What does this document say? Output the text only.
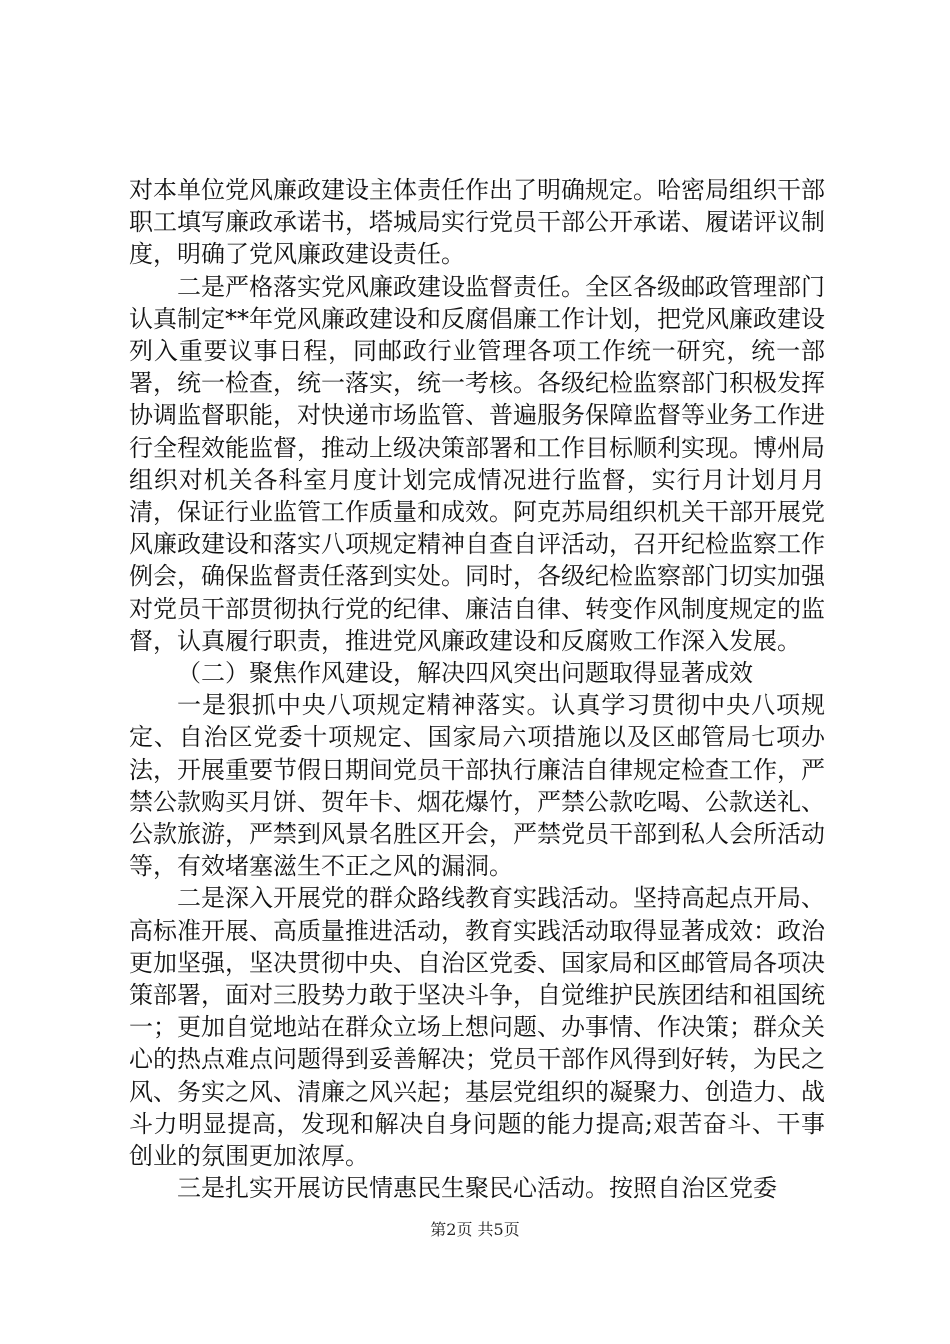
对本单位党风廉政建设主体责任作出了明确规定。哈密局组织干部职工填写廉政承诺书，塔城局实行党员干部公开承诺、履诺评议制度，明确了党风廉政建设责任。

二是严格落实党风廉政建设监督责任。全区各级邮政管理部门认真制定**年党风廉政建设和反腐倡廉工作计划，把党风廉政建设列入重要议事日程，同邮政行业管理各项工作统一研究，统一部署，统一检查，统一落实，统一考核。各级纪检监察部门积极发挥协调监督职能，对快递市场监管、普遍服务保障监督等业务工作进行全程效能监督，推动上级决策部署和工作目标顺利实现。博州局组织对机关各科室月度计划完成情况进行监督，实行月计划月月清，保证行业监管工作质量和成效。阿克苏局组织机关干部开展党风廉政建设和落实八项规定精神自查自评活动，召开纪检监察工作例会，确保监督责任落到实处。同时，各级纪检监察部门切实加强对党员干部贯彻执行党的纪律、廉洁自律、转变作风制度规定的监督，认真履行职责，推进党风廉政建设和反腐败工作深入发展。

（二）聚焦作风建设，解决四风突出问题取得显著成效

一是狠抓中央八项规定精神落实。认真学习贯彻中央八项规定、自治区党委十项规定、国家局六项措施以及区邮管局七项办法，开展重要节假日期间党员干部执行廉洁自律规定检查工作，严禁公款购买月饼、贺年卡、烟花爆竹，严禁公款吃喝、公款送礼、公款旅游，严禁到风景名胜区开会，严禁党员干部到私人会所活动等，有效堵塞滋生不正之风的漏洞。

二是深入开展党的群众路线教育实践活动。坚持高起点开局、高标准开展、高质量推进活动，教育实践活动取得显著成效：政治更加坚强，坚决贯彻中央、自治区党委、国家局和区邮管局各项决策部署，面对三股势力敢于坚决斗争，自觉维护民族团结和祖国统一；更加自觉地站在群众立场上想问题、办事情、作决策；群众关心的热点难点问题得到妥善解决；党员干部作风得到好转，为民之风、务实之风、清廉之风兴起；基层党组织的凝聚力、创造力、战斗力明显提高，发现和解决自身问题的能力提高;艰苦奋斗、干事创业的氛围更加浓厚。

三是扎实开展访民情惠民生聚民心活动。按照自治区党委

第2页 共5页
